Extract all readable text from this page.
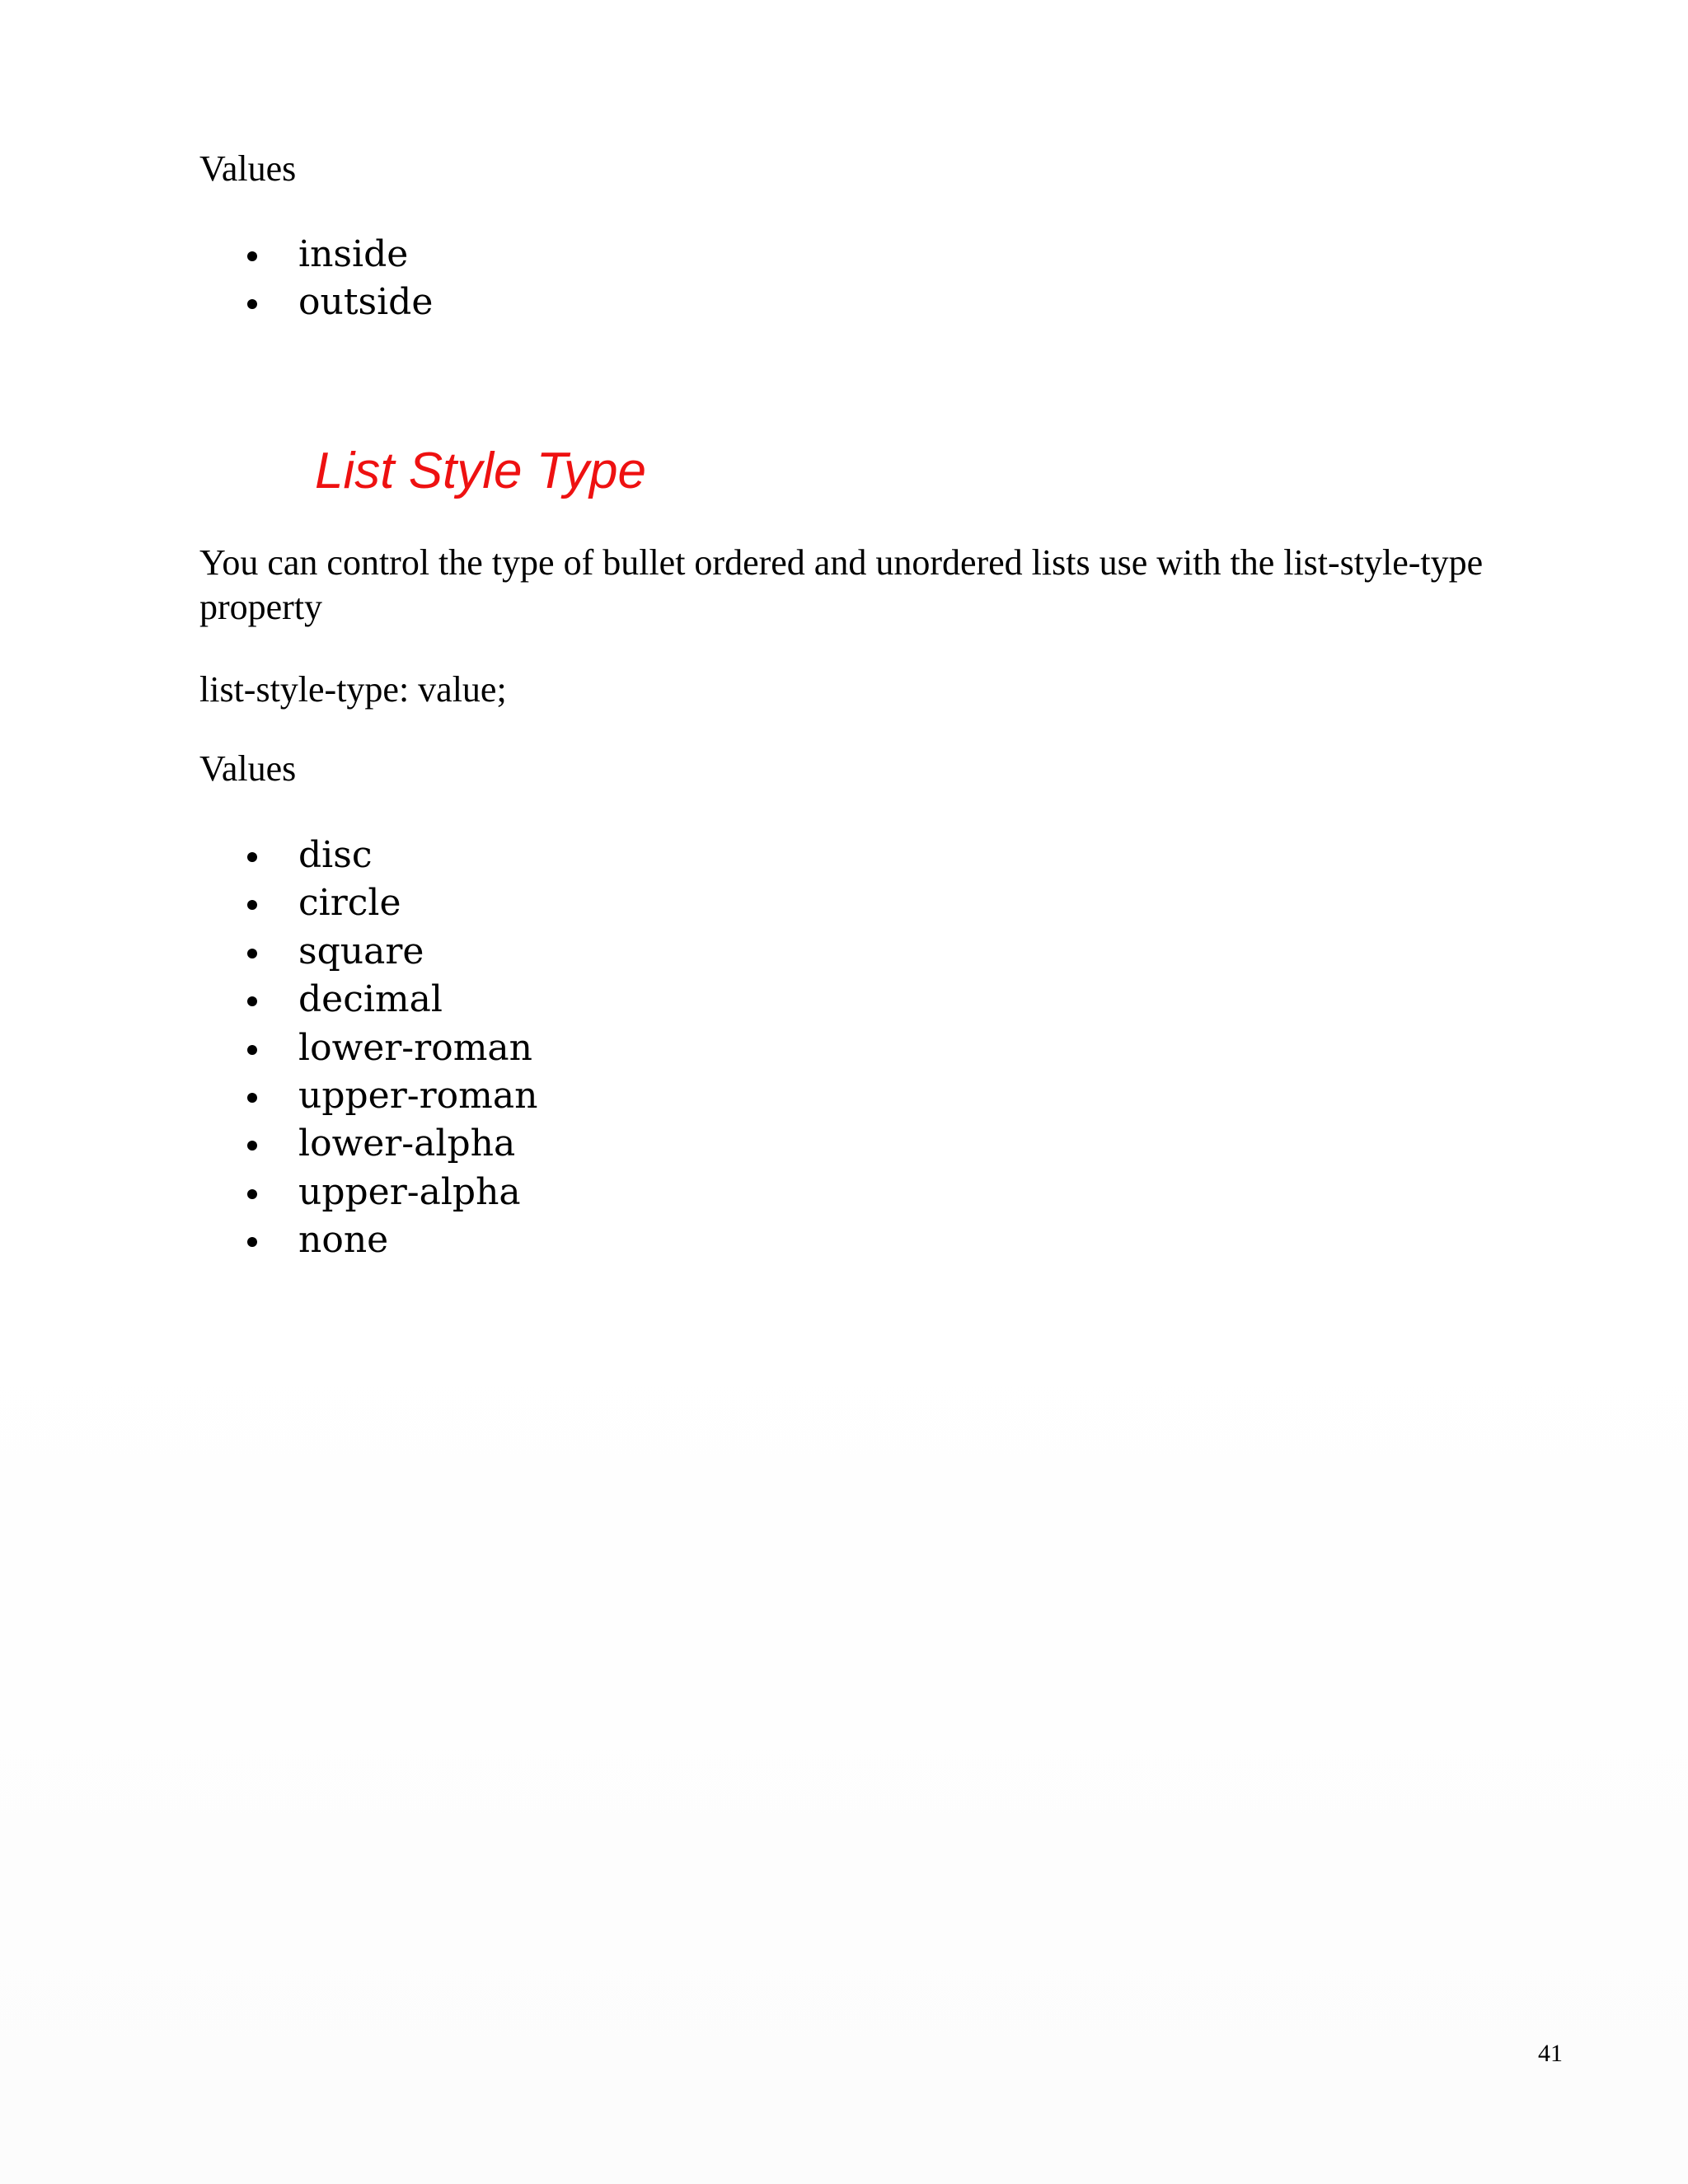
Values

inside
outside
List Style Type

You can control the type of bullet ordered and unordered lists use with the list-style-type property

list-style-type: value;

Values

disc
circle
square
decimal
lower-roman
upper-roman
lower-alpha
upper-alpha
none
41
